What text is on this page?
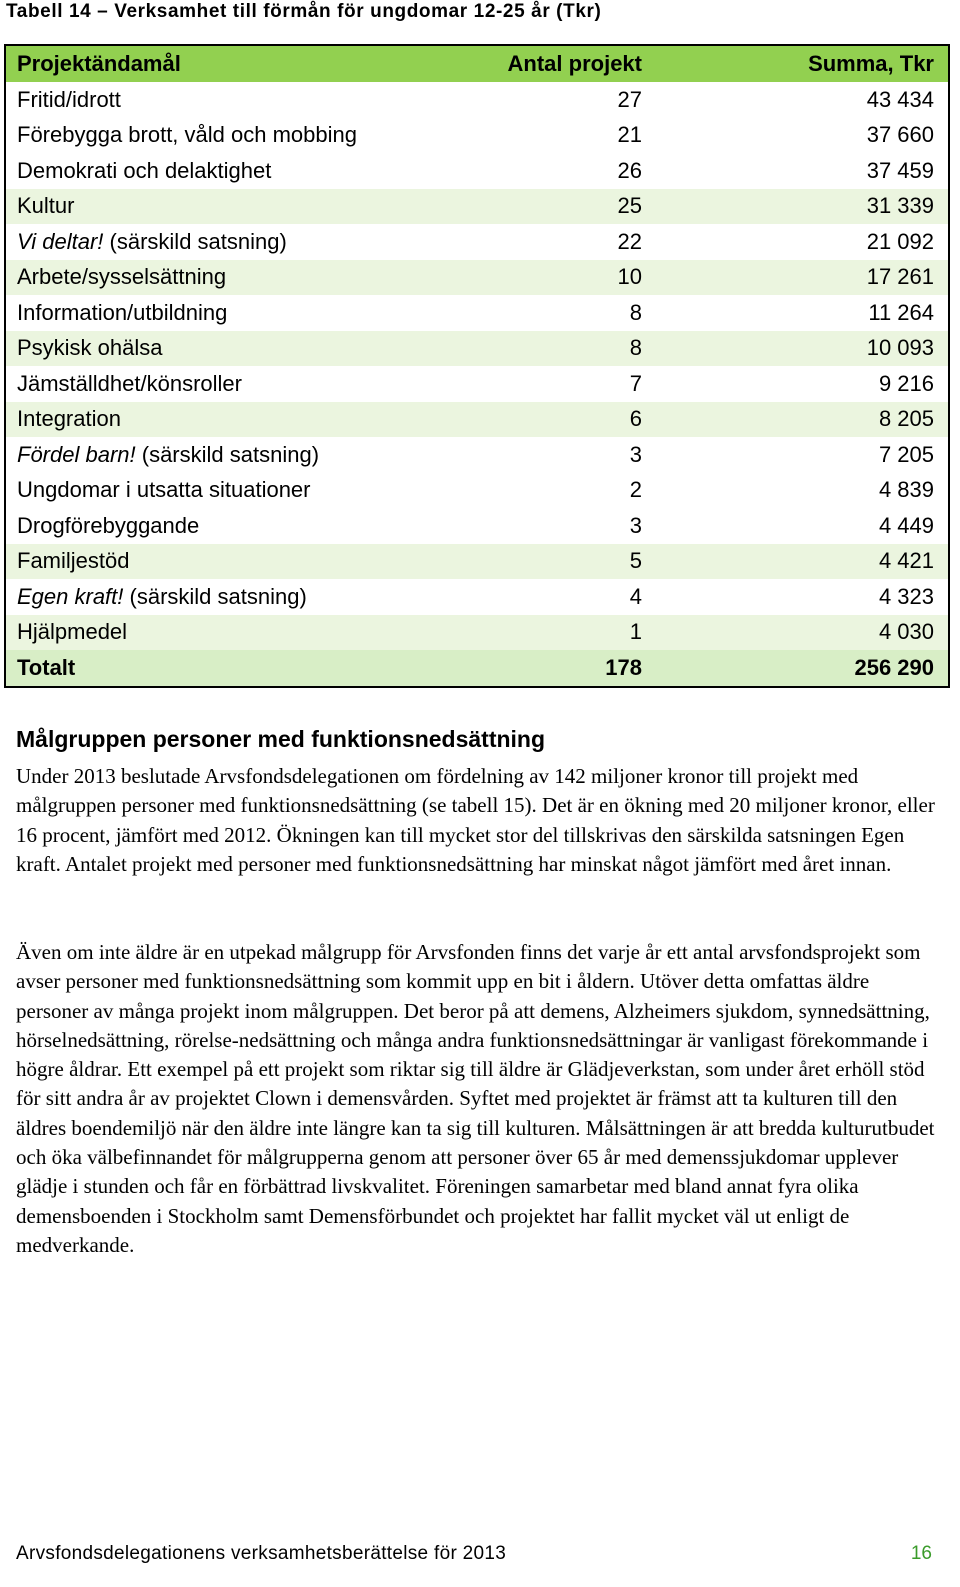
Tabell 14 – Verksamhet till förmån för ungdomar 12-25 år (Tkr)
Projektändamål	Antal projekt	Summa, Tkr
Fritid/idrott	27	43 434
Förebygga brott, våld och mobbing	21	37 660
Demokrati och delaktighet	26	37 459
Kultur	25	31 339
Vi deltar! (särskild satsning)	22	21 092
Arbete/sysselsättning	10	17 261
Information/utbildning	8	11 264
Psykisk ohälsa	8	10 093
Jämställdhet/könsroller	7	9 216
Integration	6	8 205
Fördel barn! (särskild satsning)	3	7 205
Ungdomar i utsatta situationer	2	4 839
Drogförebyggande	3	4 449
Familjestöd	5	4 421
Egen kraft! (särskild satsning)	4	4 323
Hjälpmedel	1	4 030
Totalt	178	256 290
Målgruppen personer med funktionsnedsättning

Under 2013 beslutade Arvsfondsdelegationen om fördelning av 142 miljoner kronor till projekt med målgruppen personer med funktionsnedsättning (se tabell 15). Det är en ökning med 20 miljoner kronor, eller 16 procent, jämfört med 2012. Ökningen kan till mycket stor del tillskrivas den särskilda satsningen Egen kraft. Antalet projekt med personer med funktionsnedsättning har minskat något jämfört med året innan.

Även om inte äldre är en utpekad målgrupp för Arvsfonden finns det varje år ett antal arvsfondsprojekt som avser personer med funktionsnedsättning som kommit upp en bit i åldern. Utöver detta omfattas äldre personer av många projekt inom målgruppen. Det beror på att demens, Alzheimers sjukdom, synnedsättning, hörselnedsättning, rörelse-nedsättning och många andra funktionsnedsättningar är vanligast förekommande i högre åldrar. Ett exempel på ett projekt som riktar sig till äldre är Glädjeverkstan, som under året erhöll stöd för sitt andra år av projektet Clown i demensvården. Syftet med projektet är främst att ta kulturen till den äldres boendemiljö när den äldre inte längre kan ta sig till kulturen. Målsättningen är att bredda kulturutbudet och öka välbefinnandet för målgrupperna genom att personer över 65 år med demenssjukdomar upplever glädje i stunden och får en förbättrad livskvalitet. Föreningen samarbetar med bland annat fyra olika demensboenden i Stockholm samt Demensförbundet och projektet har fallit mycket väl ut enligt de medverkande.

Arvsfondsdelegationens verksamhetsberättelse för 2013	16
